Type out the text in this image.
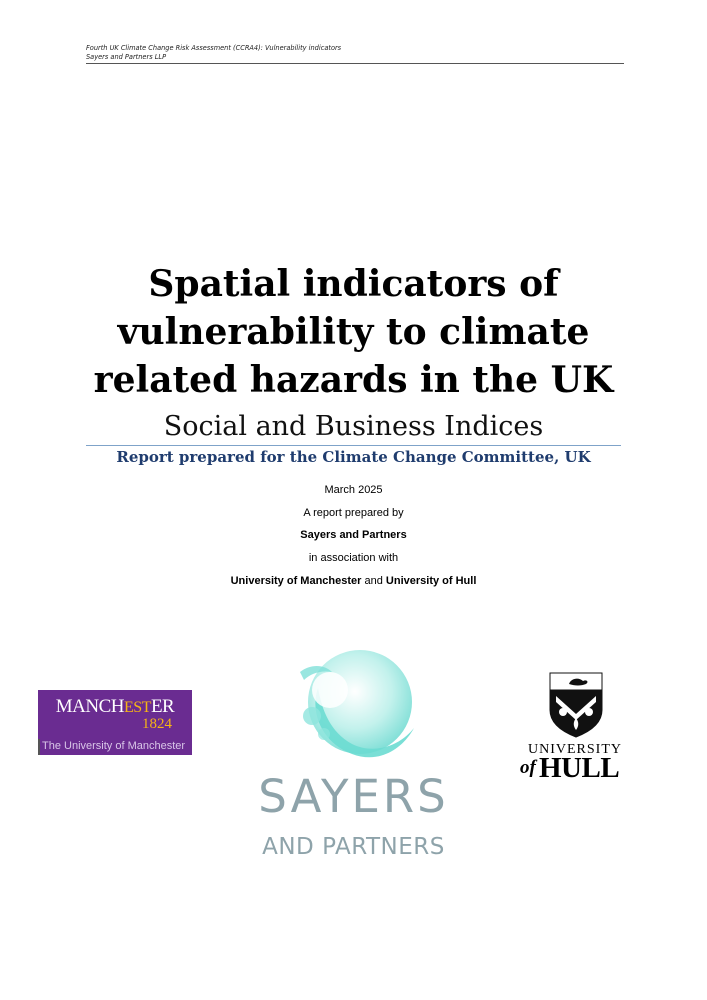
Fourth UK Climate Change Risk Assessment (CCRA4): Vulnerability indicators
Sayers and Partners LLP
Spatial indicators of
vulnerability to climate
related hazards in the UK
Social and Business Indices
Report prepared for the Climate Change Committee, UK
March 2025
A report prepared by
Sayers and Partners
in association with
University of Manchester and University of Hull
MANCHESTER
1824
The University of Manchester
SAYERS
AND PARTNERS
UNIVERSITY
of HULL
